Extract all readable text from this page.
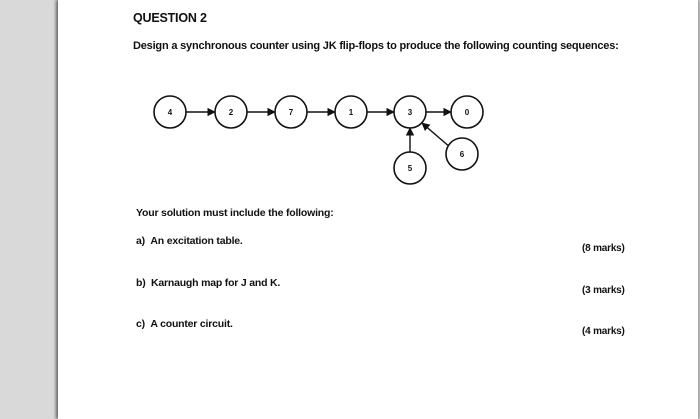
QUESTION 2
Design a synchronous counter using JK flip-flops to produce the following counting sequences:
4	2	7	1	3	0
5
6
Your solution must include the following:
a) An excitation table.
(8 marks)
b) Karnaugh map for J and K.
(3 marks)
c) A counter circuit.
(4 marks)
